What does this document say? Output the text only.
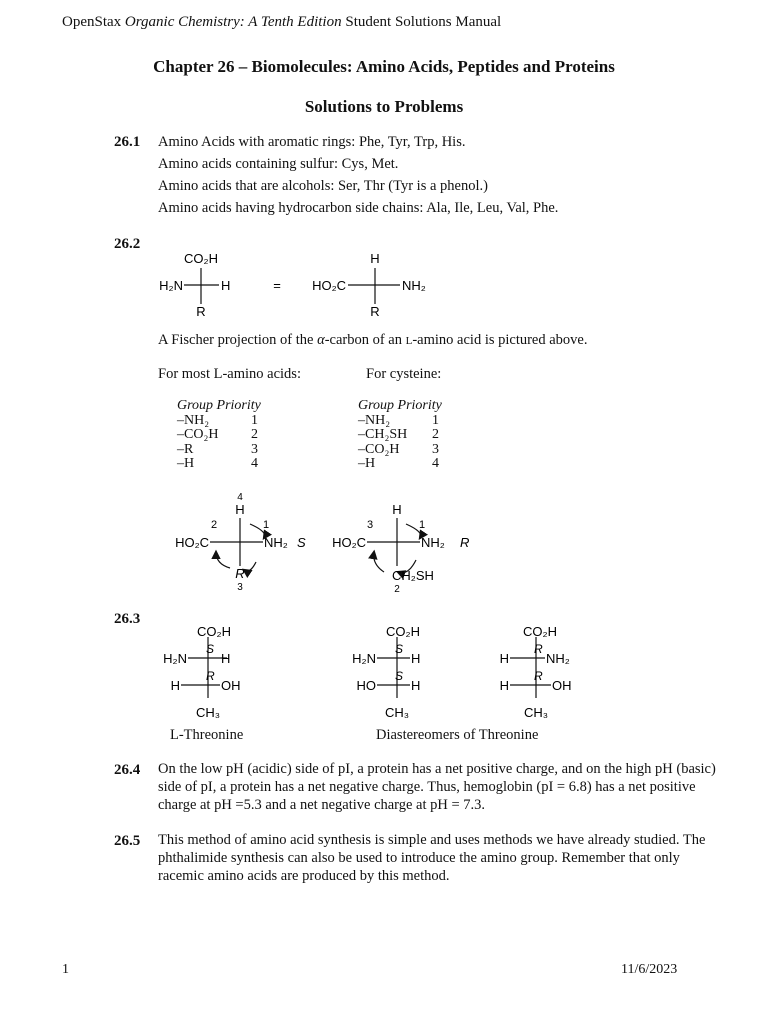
OpenStax Organic Chemistry: A Tenth Edition Student Solutions Manual
Chapter 26 – Biomolecules: Amino Acids, Peptides and Proteins
Solutions to Problems
26.1 Amino Acids with aromatic rings: Phe, Tyr, Trp, His.
Amino acids containing sulfur: Cys, Met.
Amino acids that are alcohols: Ser, Thr (Tyr is a phenol.)
Amino acids having hydrocarbon side chains: Ala, Ile, Leu, Val, Phe.
26.2
CO₂H
H₂N	H
R
=
H
HO₂C	NH₂
R
A Fischer projection of the α-carbon of an L-amino acid is pictured above.
For most L-amino acids:	For cysteine:
Group Priority
–NH₂	1
–CO₂H	2
–R	3
–H	4
Group Priority
–NH₂	1
–CH₂SH	2
–CO₂H	3
–H	4
4
H
2	1
HO₂C	NH₂ S
R
3
H
3	1
HO₂C	NH₂ R
CH₂SH
2
26.3
CO₂H
H₂N	H
S
H	OH
R
CH₃
CO₂H
H₂N	H
S
HO	H
S
CH₃
CO₂H
H	NH₂
R
H	OH
R
CH₃
L-Threonine	Diastereomers of Threonine
26.4 On the low pH (acidic) side of pI, a protein has a net positive charge, and on the high pH (basic) side of pI, a protein has a net negative charge. Thus, hemoglobin (pI = 6.8) has a net positive charge at pH =5.3 and a net negative charge at pH = 7.3.
26.5 This method of amino acid synthesis is simple and uses methods we have already studied. The phthalimide synthesis can also be used to introduce the amino group. Remember that only racemic amino acids are produced by this method.
1	11/6/2023
